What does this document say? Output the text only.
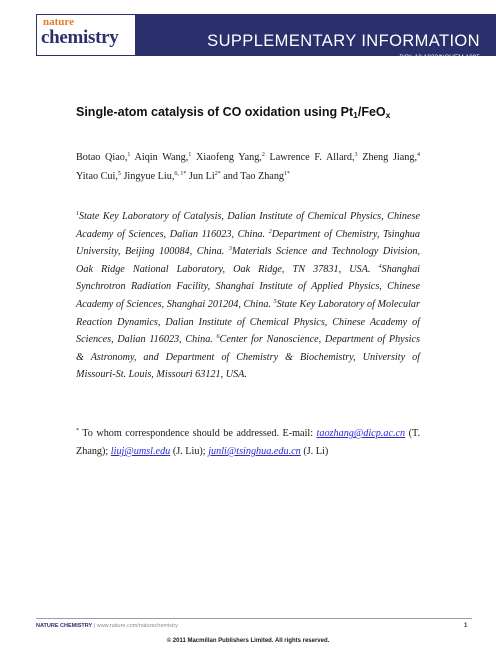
SUPPLEMENTARY INFORMATION
DOI: 10.1038/NCHEM.1095
nature
chemistry
Single-atom catalysis of CO oxidation using $Pt_1/FeO_x$
Botao Qiao,$^1$ Aiqin Wang,$^1$ Xiaofeng Yang,$^2$ Lawrence F. Allard,$^3$ Zheng Jiang,$^4$ Yitao Cui,$^5$ Jingyue Liu,$^{6, 1*}$ Jun $Li^{2*}$ and Tao Zhang$^{1*}$
$^1$State Key Laboratory of Catalysis, Dalian Institute of Chemical Physics, Chinese Academy of Sciences, Dalian 116023, China. $^2$Department of Chemistry, Tsinghua University, Beijing 100084, China. $^3$Materials Science and Technology Division, Oak Ridge National Laboratory, Oak Ridge, TN 37831, USA. $^4$Shanghai Synchrotron Radiation Facility, Shanghai Institute of Applied Physics, Chinese Academy of Sciences, Shanghai 201204, China. $^5$State Key Laboratory of Molecular Reaction Dynamics, Dalian Institute of Chemical Physics, Chinese Academy of Sciences, Dalian 116023, China. $^6$Center for Nanoscience, Department of Physics & Astronomy, and Department of Chemistry & Biochemistry, University of Missouri-St. Louis, Missouri 63121, USA.
* To whom correspondence should be addressed. E-mail: taozhang@dicp.ac.cn (T. Zhang); liuj@umsl.edu (J. Liu); junli@tsinghua.edu.cn (J. Li)
NATURE CHEMISTRY | www.nature.com/naturechemistry	1
© 2011 Macmillan Publishers Limited. All rights reserved.
